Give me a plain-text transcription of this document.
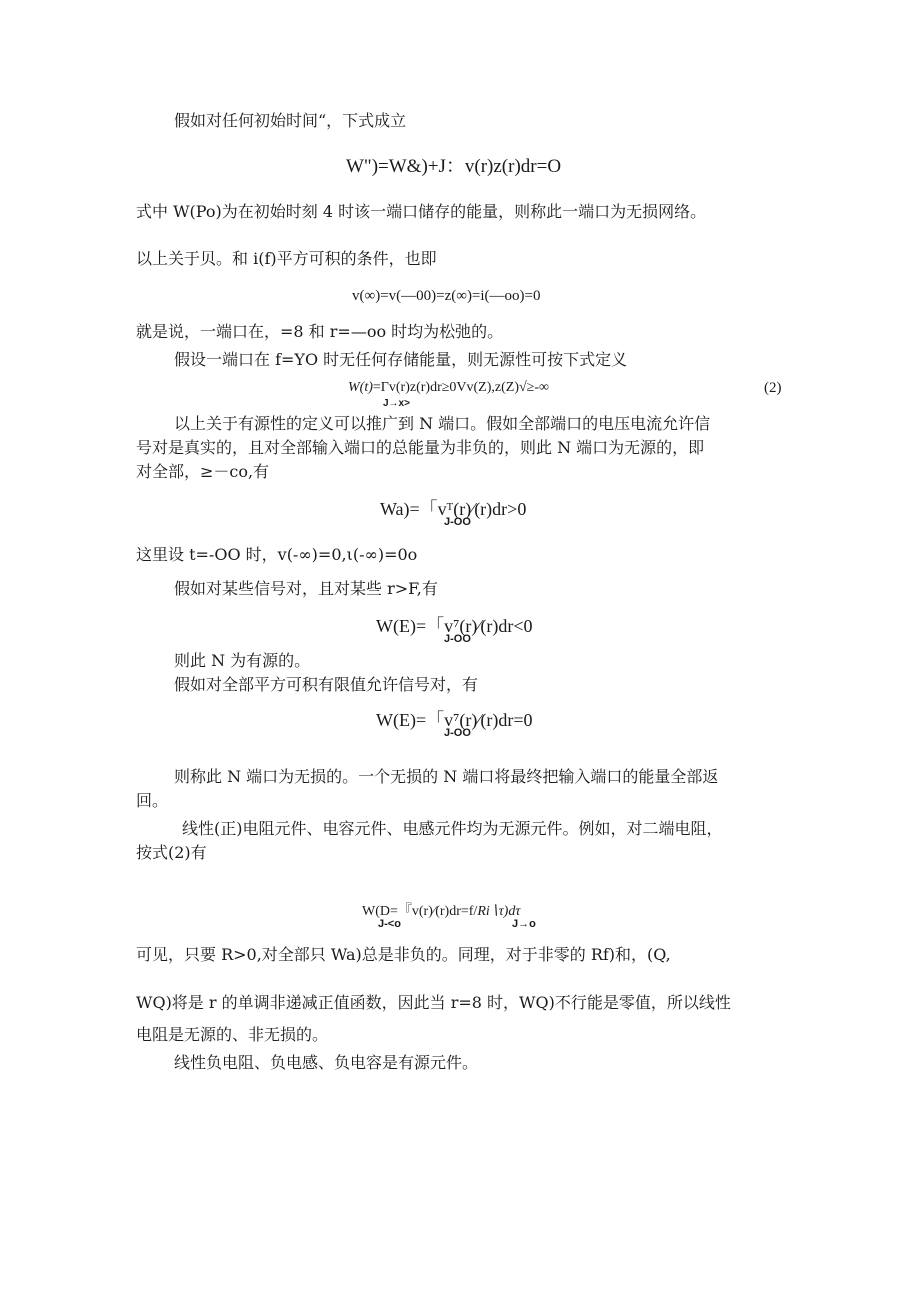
假如对任何初始时间“，下式成立
W")=W&)+J：v(r)z(r)dr=O
式中 W(Po)为在初始时刻 4 时该一端口储存的能量，则称此一端口为无损网络。
以上关于贝。和 i(f)平方可积的条件，也即
v(∞)=v(—00)=z(∞)=i(—oo)=0
就是说，一端口在，=8 和 r=—oo 时均为松弛的。
假设一端口在 f=YO 时无任何存储能量，则无源性可按下式定义
W(t)=Γv(r)z(r)dr≥0Vv(Z),z(Z)√≥-∞
J→x>
(2)
以上关于有源性的定义可以推广到 N 端口。假如全部端口的电压电流允许信
号对是真实的，且对全部输入端口的总能量为非负的，则此 N 端口为无源的，即
对全部，≥－co,有
Wa)=「vᵀ(r)⁄(r)dr>0
J-OO
这里设 t=-OO 时，v(-∞)=0,ι(-∞)=0o
假如对某些信号对，且对某些 r>F,有
W(E)=「v⁷(r)⁄(r)dr<0
J-OO
则此 N 为有源的。
假如对全部平方可积有限值允许信号对，有
W(E)=「v⁷(r)⁄(r)dr=0
J-OO
则称此 N 端口为无损的。一个无损的 N 端口将最终把输入端口的能量全部返
回。
线性(正)电阻元件、电容元件、电感元件均为无源元件。例如，对二端电阻，
按式(2)有
W(D=『v(r)⁄(r)dr=f/Ri∖τ)dτ
J-<o	J→o
可见，只要 R>0,对全部只 Wa)总是非负的。同理，对于非零的 Rf)和，(Q,
WQ)将是 r 的单调非递减正值函数，因此当 r=8 时，WQ)不行能是零值，所以线性
电阻是无源的、非无损的。
线性负电阻、负电感、负电容是有源元件。
